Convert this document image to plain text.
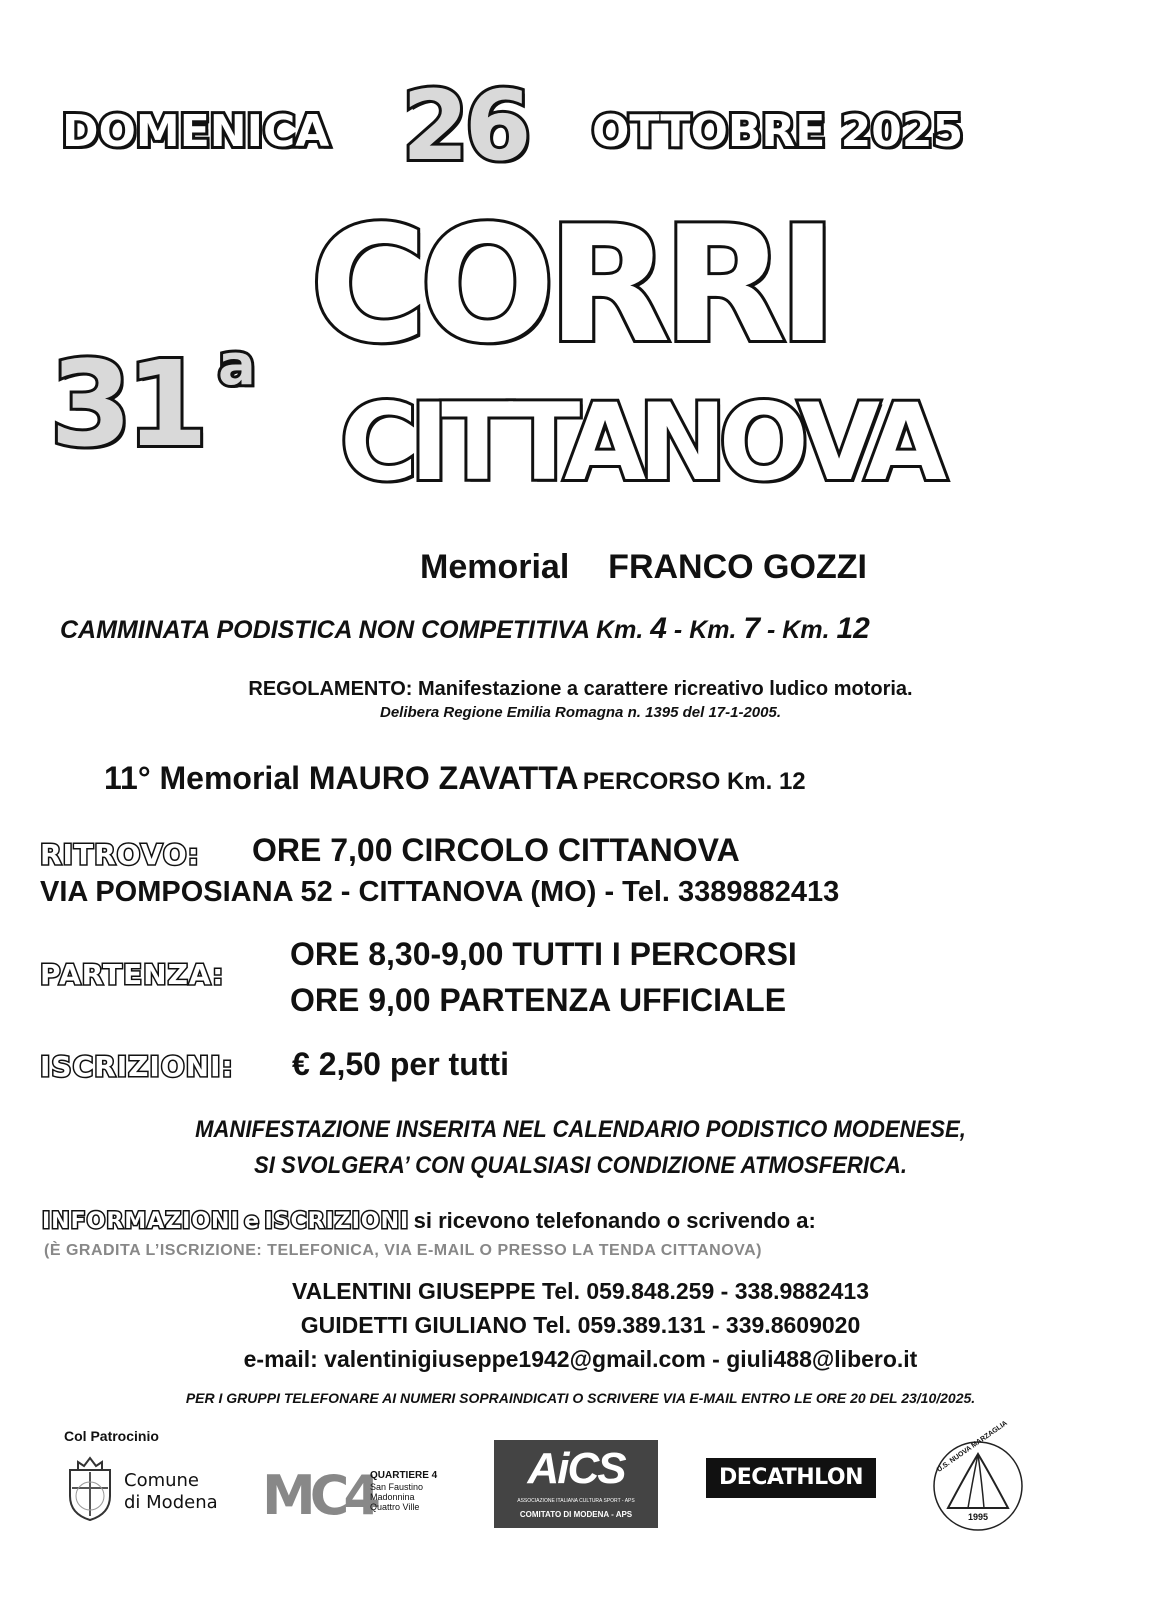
DOMENICA 26 OTTOBRE 2025
31 a CORRI
CITTANOVA
Memorial FRANCO GOZZI
CAMMINATA PODISTICA NON COMPETITIVA Km. 4 - Km. 7 - Km. 12
REGOLAMENTO: Manifestazione a carattere ricreativo ludico motoria.
Delibera Regione Emilia Romagna n. 1395 del 17-1-2005.
11° Memorial MAURO ZAVATTA PERCORSO Km. 12
RITROVO: ORE 7,00 CIRCOLO CITTANOVA
VIA POMPOSIANA 52 - CITTANOVA (MO) - Tel. 3389882413
PARTENZA:
ORE 8,30-9,00 TUTTI I PERCORSI
ORE 9,00 PARTENZA UFFICIALE
ISCRIZIONI: € 2,50 per tutti
MANIFESTAZIONE INSERITA NEL CALENDARIO PODISTICO MODENESE,
SI SVOLGERA’ CON QUALSIASI CONDIZIONE ATMOSFERICA.
INFORMAZIONI e ISCRIZIONI si ricevono telefonando o scrivendo a:
(È GRADITA L’ISCRIZIONE: TELEFONICA, VIA E-MAIL O PRESSO LA TENDA CITTANOVA)
VALENTINI GIUSEPPE Tel. 059.848.259 - 338.9882413
GUIDETTI GIULIANO Tel. 059.389.131 - 339.8609020
e-mail: valentinigiuseppe1942@gmail.com - giuli488@libero.it
PER I GRUPPI TELEFONARE AI NUMERI SOPRAINDICATI O SCRIVERE VIA E-MAIL ENTRO LE ORE 20 DEL 23/10/2025.
Col Patrocinio
Comune
di Modena MC4
QUARTIERE 4
San Faustino
Madonnina
Quattro Ville
AiCS
ASSOCIAZIONE ITALIANA CULTURA SPORT - APS
COMITATO DI MODENA - APS
DECATHLON
U.S. NUOVA MARZAGLIA
1995
